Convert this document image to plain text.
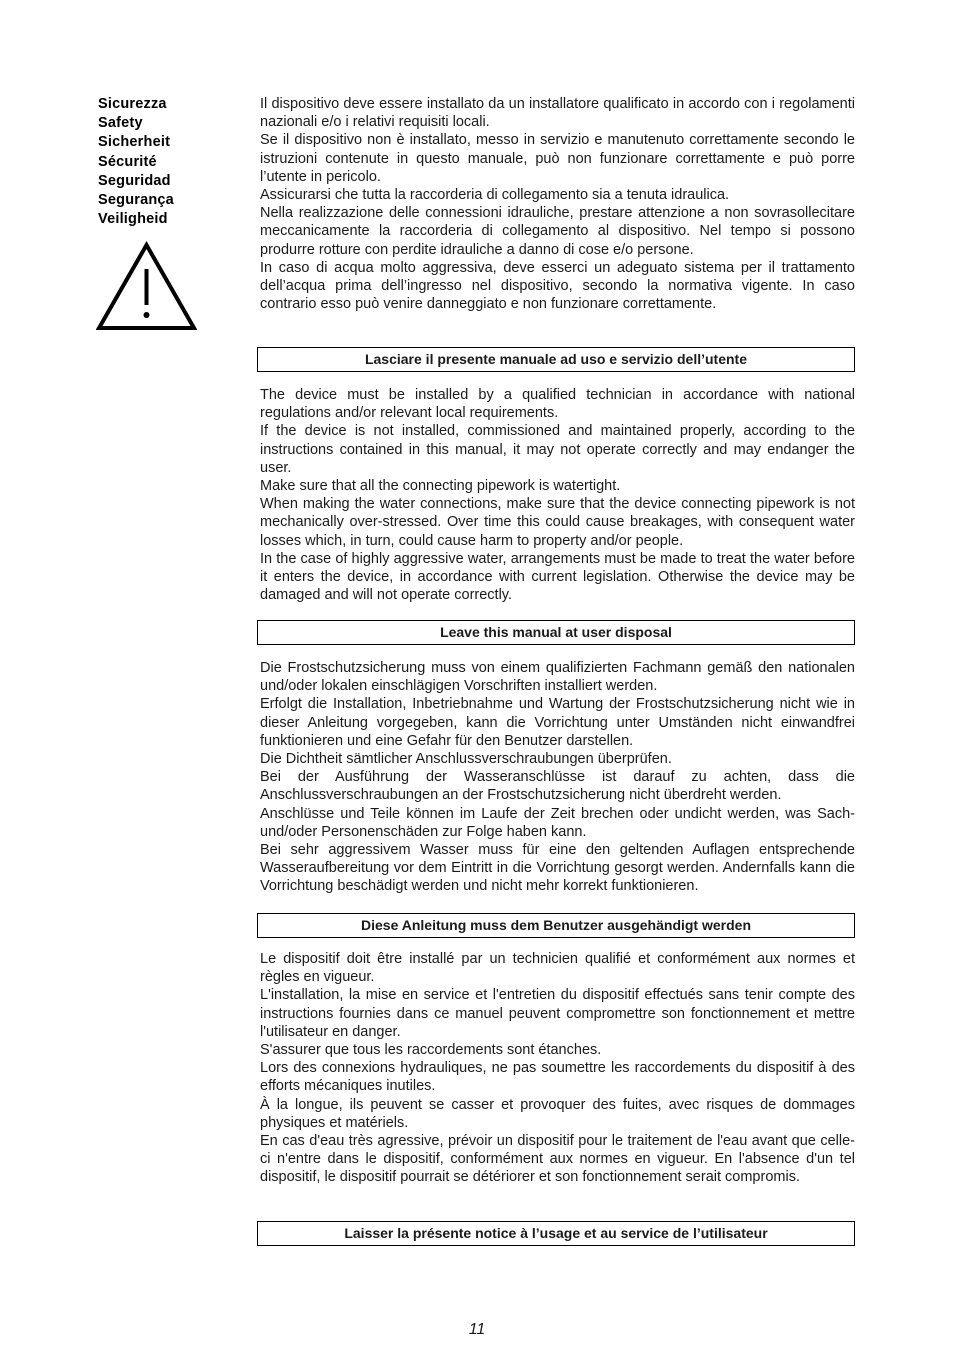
Sicurezza
Safety
Sicherheit
Sécurité
Seguridad
Segurança
Veiligheid

Il dispositivo deve essere installato da un installatore qualificato in accordo con i regolamenti nazionali e/o i relativi requisiti locali.

Se il dispositivo non è installato, messo in servizio e manutenuto correttamente secondo le istruzioni contenute in questo manuale, può non funzionare correttamente e può porre l’utente in pericolo.

Assicurarsi che tutta la raccorderia di collegamento sia a tenuta idraulica.

Nella realizzazione delle connessioni idrauliche, prestare attenzione a non sovrasollecitare meccanicamente la raccorderia di collegamento al dispositivo. Nel tempo si possono produrre rotture con perdite idrauliche a danno di cose e/o persone.

In caso di acqua molto aggressiva, deve esserci un adeguato sistema per il trattamento dell’acqua prima dell’ingresso nel dispositivo, secondo la normativa vigente. In caso contrario esso può venire danneggiato e non funzionare correttamente.

Lasciare il presente manuale ad uso e servizio dell’utente

The device must be installed by a qualified technician in accordance with national regulations and/or relevant local requirements.

If the device is not installed, commissioned and maintained properly, according to the instructions contained in this manual, it may not operate correctly and may endanger the user.

Make sure that all the connecting pipework is watertight.

When making the water connections, make sure that the device connecting pipework is not mechanically over-stressed. Over time this could cause breakages, with consequent water losses which, in turn, could cause harm to property and/or people.

In the case of highly aggressive water, arrangements must be made to treat the water before it enters the device, in accordance with current legislation. Otherwise the device may be damaged and will not operate correctly.

Leave this manual at user disposal

Die Frostschutzsicherung muss von einem qualifizierten Fachmann gemäß den nationalen und/oder lokalen einschlägigen Vorschriften installiert werden.

Erfolgt die Installation, Inbetriebnahme und Wartung der Frostschutzsicherung nicht wie in dieser Anleitung vorgegeben, kann die Vorrichtung unter Umständen nicht einwandfrei funktionieren und eine Gefahr für den Benutzer darstellen.

Die Dichtheit sämtlicher Anschlussverschraubungen überprüfen.

Bei der Ausführung der Wasseranschlüsse ist darauf zu achten, dass die Anschlussverschraubungen an der Frostschutzsicherung nicht überdreht werden.

Anschlüsse und Teile können im Laufe der Zeit brechen oder undicht werden, was Sach- und/oder Personenschäden zur Folge haben kann.

Bei sehr aggressivem Wasser muss für eine den geltenden Auflagen entsprechende Wasseraufbereitung vor dem Eintritt in die Vorrichtung gesorgt werden. Andernfalls kann die Vorrichtung beschädigt werden und nicht mehr korrekt funktionieren.

Diese Anleitung muss dem Benutzer ausgehändigt werden

Le dispositif doit être installé par un technicien qualifié et conformément aux normes et règles en vigueur.

L'installation, la mise en service et l'entretien du dispositif effectués sans tenir compte des instructions fournies dans ce manuel peuvent compromettre son fonctionnement et mettre l'utilisateur en danger.

S'assurer que tous les raccordements sont étanches.

Lors des connexions hydrauliques, ne pas soumettre les raccordements du dispositif à des efforts mécaniques inutiles.

À la longue, ils peuvent se casser et provoquer des fuites, avec risques de dommages physiques et matériels.

En cas d'eau très agressive, prévoir un dispositif pour le traitement de l'eau avant que celle-ci n'entre dans le dispositif, conformément aux normes en vigueur. En l'absence d'un tel dispositif, le dispositif pourrait se détériorer et son fonctionnement serait compromis.

Laisser la présente notice à l’usage et au service de l’utilisateur
11
